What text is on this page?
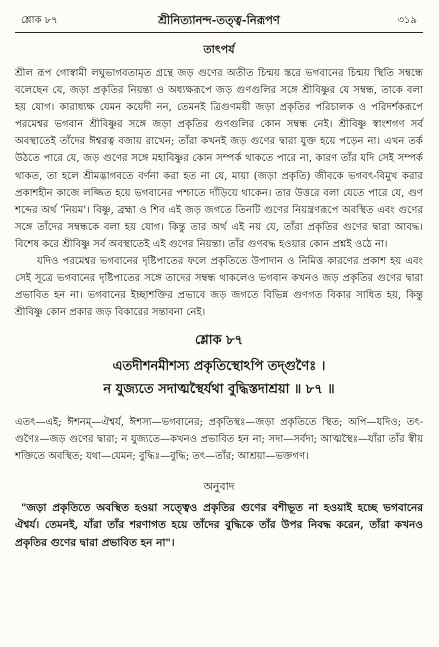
শ্লোক ৮৭	শ্রীনিত্যানন্দ-তত্ত্ব-নিরূপণ	৩১৯
তাৎপর্য

শ্রীল রূপ গোস্বামী লঘুভাগবতামৃত গ্রন্থে জড় গুণের অতীত চিন্ময় স্তরে ভগবানের চিন্ময় স্থিতি সম্বন্ধে বলেছেন যে, জড়া প্রকৃতির নিয়ন্তা ও অধ্যক্ষরূপে জড় গুণগুলির সঙ্গে শ্রীবিষ্ণুর যে সম্বন্ধ, তাকে বলা হয় যোগ। কারাধ্যক্ষ যেমন কয়েদী নন, তেমনই ত্রিগুণময়ী জড়া প্রকৃতির পরিচালক ও পরিদর্শকরূপে পরমেশ্বর ভগবান শ্রীবিষ্ণুর সঙ্গে জড়া প্রকৃতির গুণগুলির কোন সম্বন্ধ নেই। শ্রীবিষ্ণু স্বাংশগণ সর্ব অবস্থাতেই তাঁদের ঈশ্বরত্ব বজায় রাখেন; তাঁরা কখনই জড় গুণের দ্বারা যুক্ত হয়ে পড়েন না। এখন তর্ক উঠতে পারে যে, জড় গুণের সঙ্গে মহাবিষ্ণুর কোন সম্পর্ক থাকতে পারে না, কারণ তাঁর যদি সেই সম্পর্ক থাকত, তা হলে শ্রীমদ্ভাগবতে বর্ণনা করা হত না যে, মায়া (জড়া প্রকৃতি) জীবকে ভগবৎ-বিমুখ করার প্রকাশহীন কাজে লজ্জিত হয়ে ভগবানের পশ্চাতে দাঁড়িয়ে থাকেন। তার উত্তরে বলা যেতে পারে যে, গুণ শব্দের অর্থ 'নিয়ম'। বিষ্ণু, ব্রহ্মা ও শিব এই জড় জগতে তিনটি গুণের নিয়ন্ত্রণরূপে অবস্থিত এবং গুণের সঙ্গে তাঁদের সম্বন্ধকে বলা হয় যোগ। কিন্তু তার অর্থ এই নয় যে, তাঁরা প্রকৃতির গুণের দ্বারা আবদ্ধ। বিশেষ করে শ্রীবিষ্ণু সর্ব অবস্থাতেই এই গুণের নিয়ন্তা। তাঁর গুণবদ্ধ হওয়ার কোন প্রশ্নই ওঠে না।

যদিও পরমেশ্বর ভগবানের দৃষ্টিপাতের ফলে প্রকৃতিতে উপাদান ও নিমিত্ত কারণের প্রকাশ হয় এবং সেই সূত্রে ভগবানের দৃষ্টিপাতের সঙ্গে তাদের সম্বন্ধ থাকলেও ভগবান কখনও জড় প্রকৃতির গুণের দ্বারা প্রভাবিত হন না। ভগবানের ইচ্ছাশক্তির প্রভাবে জড় জগতে বিভিন্ন গুণগত বিকার সাধিত হয়, কিন্তু শ্রীবিষ্ণু কোন প্রকার জড় বিকারের সন্তাবনা নেই।

শ্লোক ৮৭
এতদীশনমীশস্য প্রকৃতিস্থোঽপি তদ্গুণৈঃ ।
ন যুজ্যতে সদাত্মস্থৈর্যথা বুদ্ধিস্তদাশ্রয়া ॥ ৮৭ ॥
এতৎ—এই; ঈশনম্—ঐশ্বর্য, ঈশস্য—ভগবানের; প্রকৃতিস্থঃ—জড়া প্রকৃতিতে স্থিত; অপি—যদিও; তৎ-গুণৈঃ—জড় গুণের দ্বারা; ন যুজ্যতে—কখনও প্রভাবিত হন না; সদা—সর্বদা; আত্মস্থৈঃ—যাঁরা তাঁর স্বীয় শক্তিতে অবস্থিত; যথা—যেমন; বুদ্ধিঃ—বুদ্ধি; তৎ—তাঁর; আশ্রয়া—ভক্তগণ।
অনুবাদ
"জড়া প্রকৃতিতে অবস্থিত হওয়া সত্ত্বেও প্রকৃতির গুণের বশীভূত না হওয়াই হচ্ছে ভগবানের ঐশ্বর্য। তেমনই, যাঁরা তাঁর শরণাগত হয়ে তাঁদের বুদ্ধিকে তাঁর উপর নিবদ্ধ করেন, তাঁরা কখনও প্রকৃতির গুণের দ্বারা প্রভাবিত হন না"।
